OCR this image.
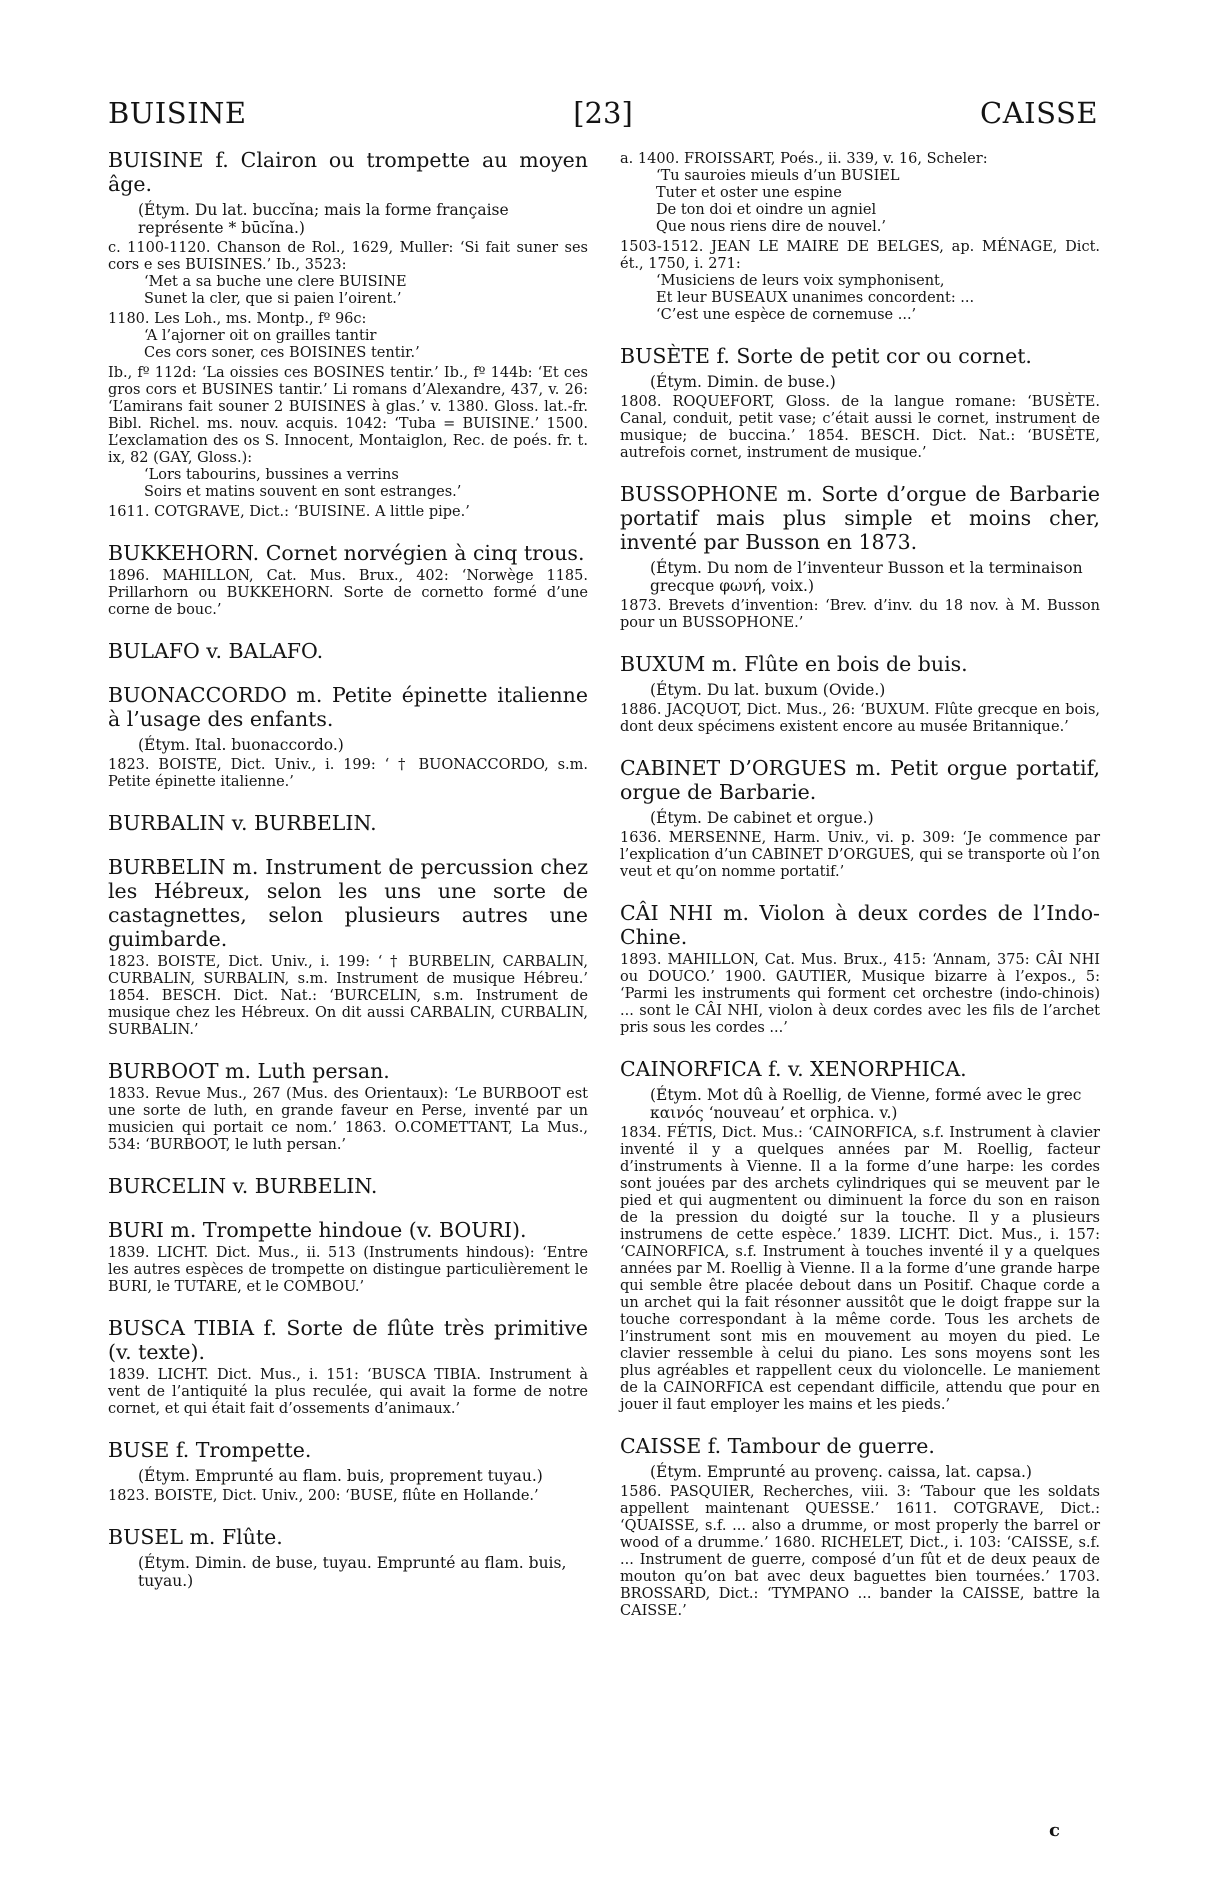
BUISINE	[23]	CAISSE

BUISINE f. Clairon ou trompette au moyen âge.

(Étym. Du lat. buccĭna; mais la forme française représente * būcĭna.)

c. 1100-1120. Chanson de Rol., 1629, Muller: ‘Si fait suner ses cors e ses BUISINES.’ Ib., 3523:

‘Met a sa buche une clere BUISINE

Sunet la cler, que si paien l’oirent.’

1180. Les Loh., ms. Montp., fº 96c:

‘A l’ajorner oit on grailles tantir

Ces cors soner, ces BOISINES tentir.’

Ib., fº 112d: ‘La oissies ces BOSINES tentir.’ Ib., fº 144b: ‘Et ces gros cors et BUSINES tantir.’ Li romans d’Alexandre, 437, v. 26: ‘L’amirans fait souner 2 BUISINES à glas.’ v. 1380. Gloss. lat.-fr. Bibl. Richel. ms. nouv. acquis. 1042: ‘Tuba = BUISINE.’ 1500. L’exclamation des os S. Innocent, Montaiglon, Rec. de poés. fr. t. ix, 82 (GAY, Gloss.):

‘Lors tabourins, bussines a verrins

Soirs et matins souvent en sont estranges.’

1611. COTGRAVE, Dict.: ‘BUISINE. A little pipe.’

BUKKEHORN. Cornet norvégien à cinq trous.

1896. MAHILLON, Cat. Mus. Brux., 402: ‘Norwège 1185. Prillarhorn ou BUKKEHORN. Sorte de cornetto formé d’une corne de bouc.’

BULAFO v. BALAFO.

BUONACCORDO m. Petite épinette italienne à l’usage des enfants.

(Étym. Ital. buonaccordo.)

1823. BOISTE, Dict. Univ., i. 199: ‘ † BUONACCORDO, s.m. Petite épinette italienne.’

BURBALIN v. BURBELIN.

BURBELIN m. Instrument de percussion chez les Hébreux, selon les uns une sorte de castagnettes, selon plusieurs autres une guimbarde.

1823. BOISTE, Dict. Univ., i. 199: ‘ † BURBELIN, CARBALIN, CURBALIN, SURBALIN, s.m. Instrument de musique Hébreu.’ 1854. BESCH. Dict. Nat.: ‘BURCELIN, s.m. Instrument de musique chez les Hébreux. On dit aussi CARBALIN, CURBALIN, SURBALIN.’

BURBOOT m. Luth persan.

1833. Revue Mus., 267 (Mus. des Orientaux): ‘Le BURBOOT est une sorte de luth, en grande faveur en Perse, inventé par un musicien qui portait ce nom.’ 1863. O.COMETTANT, La Mus., 534: ‘BURBOOT, le luth persan.’

BURCELIN v. BURBELIN.

BURI m. Trompette hindoue (v. BOURI).

1839. LICHT. Dict. Mus., ii. 513 (Instruments hindous): ‘Entre les autres espèces de trompette on distingue particulièrement le BURI, le TUTARE, et le COMBOU.’

BUSCA TIBIA f. Sorte de flûte très primitive (v. texte).

1839. LICHT. Dict. Mus., i. 151: ‘BUSCA TIBIA. Instrument à vent de l’antiquité la plus reculée, qui avait la forme de notre cornet, et qui était fait d’ossements d’animaux.’

BUSE f. Trompette.

(Étym. Emprunté au flam. buis, proprement tuyau.)

1823. BOISTE, Dict. Univ., 200: ‘BUSE, flûte en Hollande.’

BUSEL m. Flûte.

(Étym. Dimin. de buse, tuyau. Emprunté au flam. buis, tuyau.)

a. 1400. FROISSART, Poés., ii. 339, v. 16, Scheler:

‘Tu sauroies mieuls d’un BUSIEL

Tuter et oster une espine

De ton doi et oindre un agniel

Que nous riens dire de nouvel.’

1503-1512. JEAN LE MAIRE DE BELGES, ap. MÉNAGE, Dict. ét., 1750, i. 271:

‘Musiciens de leurs voix symphonisent,

Et leur BUSEAUX unanimes concordent: ...

‘C’est une espèce de cornemuse ...’

BUSÈTE f. Sorte de petit cor ou cornet.

(Étym. Dimin. de buse.)

1808. ROQUEFORT, Gloss. de la langue romane: ‘BUSÈTE. Canal, conduit, petit vase; c’était aussi le cornet, instrument de musique; de buccina.’ 1854. BESCH. Dict. Nat.: ‘BUSÈTE, autrefois cornet, instrument de musique.’

BUSSOPHONE m. Sorte d’orgue de Barbarie portatif mais plus simple et moins cher, inventé par Busson en 1873.

(Étym. Du nom de l’inventeur Busson et la terminaison grecque φωνή, voix.)

1873. Brevets d’invention: ‘Brev. d’inv. du 18 nov. à M. Busson pour un BUSSOPHONE.’

BUXUM m. Flûte en bois de buis.

(Étym. Du lat. buxum (Ovide.)

1886. JACQUOT, Dict. Mus., 26: ‘BUXUM. Flûte grecque en bois, dont deux spécimens existent encore au musée Britannique.’

CABINET D’ORGUES m. Petit orgue portatif, orgue de Barbarie.

(Étym. De cabinet et orgue.)

1636. MERSENNE, Harm. Univ., vi. p. 309: ‘Je commence par l’explication d’un CABINET D’ORGUES, qui se transporte où l’on veut et qu’on nomme portatif.’

CÂI NHI m. Violon à deux cordes de l’Indo-Chine.

1893. MAHILLON, Cat. Mus. Brux., 415: ‘Annam, 375: CÂI NHI ou DOUCO.’ 1900. GAUTIER, Musique bizarre à l’expos., 5: ‘Parmi les instruments qui forment cet orchestre (indo-chinois) ... sont le CÂI NHI, violon à deux cordes avec les fils de l’archet pris sous les cordes ...’

CAINORFICA f. v. XENORPHICA.

(Étym. Mot dû à Roellig, de Vienne, formé avec le grec καινός ‘nouveau’ et orphica. v.)

1834. FÉTIS, Dict. Mus.: ‘CAINORFICA, s.f. Instrument à clavier inventé il y a quelques années par M. Roellig, facteur d’instruments à Vienne. Il a la forme d’une harpe: les cordes sont jouées par des archets cylindriques qui se meuvent par le pied et qui augmentent ou diminuent la force du son en raison de la pression du doigté sur la touche. Il y a plusieurs instrumens de cette espèce.’ 1839. LICHT. Dict. Mus., i. 157: ‘CAINORFICA, s.f. Instrument à touches inventé il y a quelques années par M. Roellig à Vienne. Il a la forme d’une grande harpe qui semble être placée debout dans un Positif. Chaque corde a un archet qui la fait résonner aussitôt que le doigt frappe sur la touche correspondant à la même corde. Tous les archets de l’instrument sont mis en mouvement au moyen du pied. Le clavier ressemble à celui du piano. Les sons moyens sont les plus agréables et rappellent ceux du violoncelle. Le maniement de la CAINORFICA est cependant difficile, attendu que pour en jouer il faut employer les mains et les pieds.’

CAISSE f. Tambour de guerre.

(Étym. Emprunté au provenç. caissa, lat. capsa.)

1586. PASQUIER, Recherches, viii. 3: ‘Tabour que les soldats appellent maintenant QUESSE.’ 1611. COTGRAVE, Dict.: ‘QUAISSE, s.f. ... also a drumme, or most properly the barrel or wood of a drumme.’ 1680. RICHELET, Dict., i. 103: ‘CAISSE, s.f. ... Instrument de guerre, composé d’un fût et de deux peaux de mouton qu’on bat avec deux baguettes bien tournées.’ 1703. BROSSARD, Dict.: ‘TYMPANO ... bander la CAISSE, battre la CAISSE.’

c
